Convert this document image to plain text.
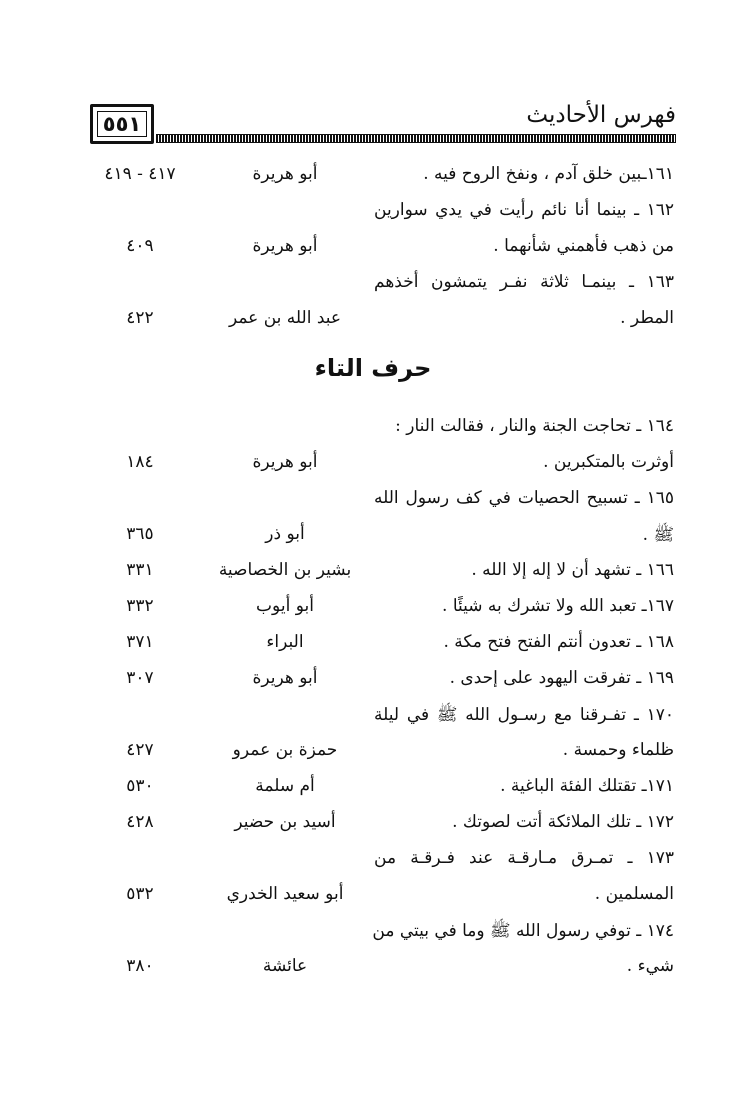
٥٥١	فهرس الأحاديث
حرف التاء
١٦١ـبين خلق آدم ، ونفخ الروح فيه .
أبو هريرة
٤١٧ - ٤١٩
١٦٢ ـ بينما أنا نائم رأيت في يدي سوارين
من ذهب فأهمني شأنهما .
أبو هريرة
٤٠٩
١٦٣ ـ بينمـا ثلاثة نفـر يتمشون أخذهم
المطر .
عبد الله بن عمر
٤٢٢
١٦٤ ـ تحاجت الجنة والنار ، فقالت النار :
أوثرت بالمتكبرين .
أبو هريرة
١٨٤
١٦٥ ـ تسبيح الحصيات في كف رسول الله
ﷺ .
أبو ذر
٣٦٥
١٦٦ ـ تشهد أن لا إله إلا الله .
بشير بن الخصاصية
٣٣١
١٦٧ـ تعبد الله ولا تشرك به شيئًا .
أبو أيوب
٣٣٢
١٦٨ ـ تعدون أنتم الفتح فتح مكة .
البراء
٣٧١
١٦٩ ـ تفرقت اليهود على إحدى .
أبو هريرة
٣٠٧
١٧٠ ـ تفـرقنا مع رسـول الله ﷺ في ليلة
ظلماء وحمسة .
حمزة بن عمرو
٤٢٧
١٧١ـ تقتلك الفئة الباغية .
أم سلمة
٥٣٠
١٧٢ ـ تلك الملائكة أتت لصوتك .
أسيد بن حضير
٤٢٨
١٧٣ ـ تمـرق مـارقـة عند فـرقـة من
المسلمين .
أبو سعيد الخدري
٥٣٢
١٧٤ ـ توفي رسول الله ﷺ وما في بيتي من
شيء .
عائشة
٣٨٠
